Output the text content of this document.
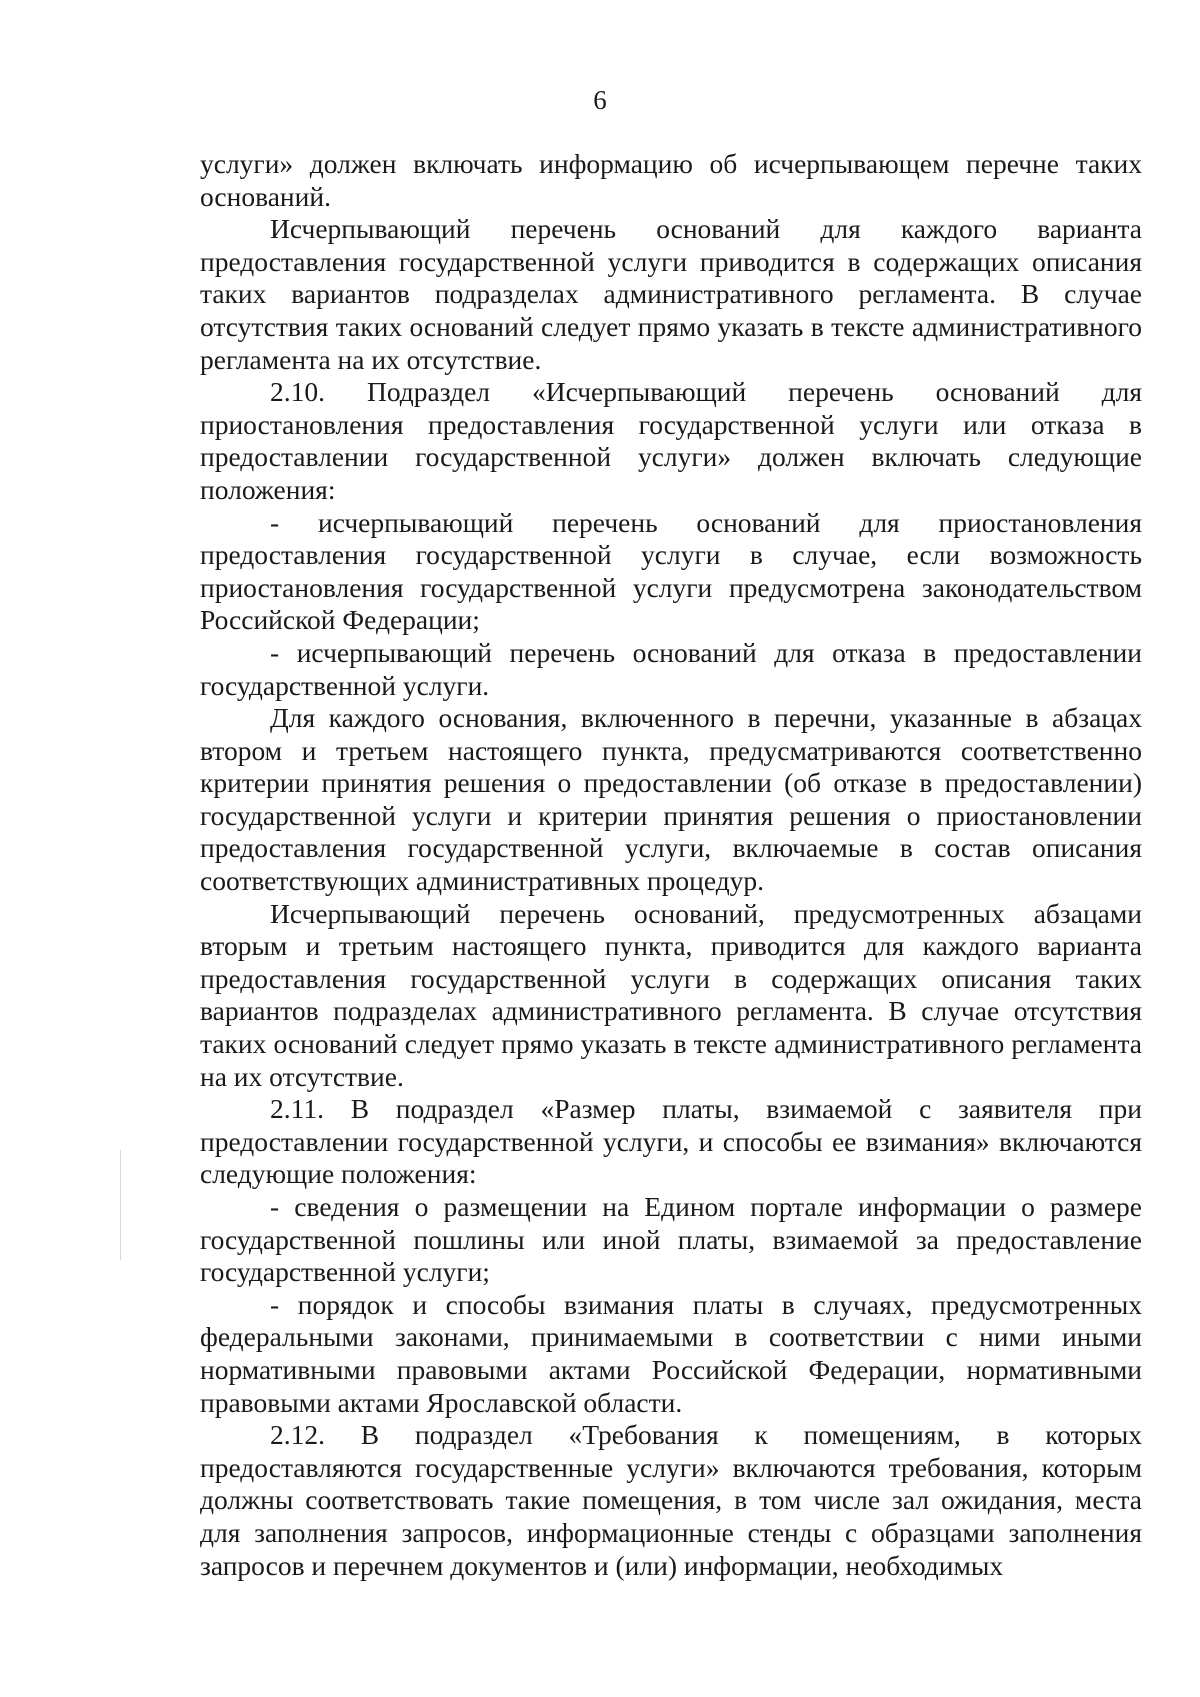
6

услуги» должен включать информацию об исчерпывающем перечне таких оснований.

Исчерпывающий перечень оснований для каждого варианта предоставления государственной услуги приводится в содержащих описания таких вариантов подразделах административного регламента. В случае отсутствия таких оснований следует прямо указать в тексте административного регламента на их отсутствие.

2.10. Подраздел «Исчерпывающий перечень оснований для приостановления предоставления государственной услуги или отказа в предоставлении государственной услуги» должен включать следующие положения:

- исчерпывающий перечень оснований для приостановления предоставления государственной услуги в случае, если возможность приостановления государственной услуги предусмотрена законодательством Российской Федерации;

- исчерпывающий перечень оснований для отказа в предоставлении государственной услуги.

Для каждого основания, включенного в перечни, указанные в абзацах втором и третьем настоящего пункта, предусматриваются соответственно критерии принятия решения о предоставлении (об отказе в предоставлении) государственной услуги и критерии принятия решения о приостановлении предоставления государственной услуги, включаемые в состав описания соответствующих административных процедур.

Исчерпывающий перечень оснований, предусмотренных абзацами вторым и третьим настоящего пункта, приводится для каждого варианта предоставления государственной услуги в содержащих описания таких вариантов подразделах административного регламента. В случае отсутствия таких оснований следует прямо указать в тексте административного регламента на их отсутствие.

2.11. В подраздел «Размер платы, взимаемой с заявителя при предоставлении государственной услуги, и способы ее взимания» включаются следующие положения:

- сведения о размещении на Едином портале информации о размере государственной пошлины или иной платы, взимаемой за предоставление государственной услуги;

- порядок и способы взимания платы в случаях, предусмотренных федеральными законами, принимаемыми в соответствии с ними иными нормативными правовыми актами Российской Федерации, нормативными правовыми актами Ярославской области.

2.12. В подраздел «Требования к помещениям, в которых предоставляются государственные услуги» включаются требования, которым должны соответствовать такие помещения, в том числе зал ожидания, места для заполнения запросов, информационные стенды с образцами заполнения запросов и перечнем документов и (или) информации, необходимых
